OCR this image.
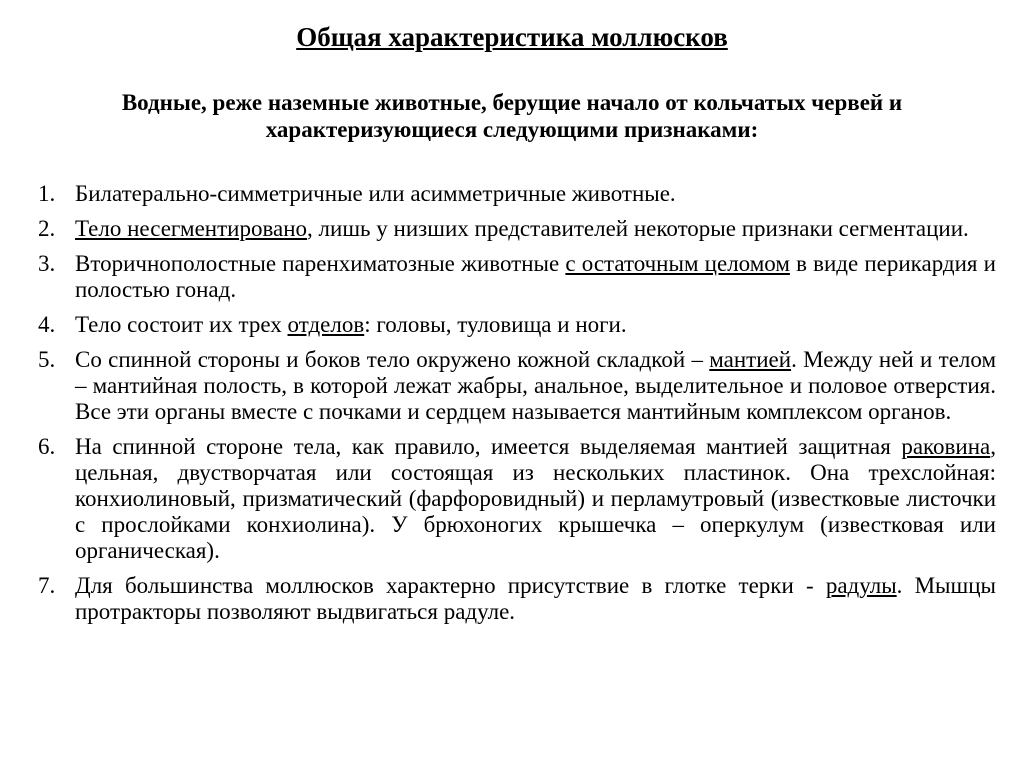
Общая характеристика моллюсков
Водные, реже наземные животные, берущие начало от кольчатых червей и характеризующиеся следующими признаками:
1. Билатерально-симметричные или асимметричные животные.
2. Тело несегментировано, лишь у низших представителей некоторые признаки сегментации.
3. Вторичнополостные паренхиматозные животные с остаточным целомом в виде перикардия и полостью гонад.
4. Тело состоит их трех отделов: головы, туловища и ноги.
5. Со спинной стороны и боков тело окружено кожной складкой – мантией. Между ней и телом – мантийная полость, в которой лежат жабры, анальное, выделительное и половое отверстия. Все эти органы вместе с почками и сердцем называется мантийным комплексом органов.
6. На спинной стороне тела, как правило, имеется выделяемая мантией защитная раковина, цельная, двустворчатая или состоящая из нескольких пластинок. Она трехслойная: конхиолиновый, призматический (фарфоровидный) и перламутровый (известковые листочки с прослойками конхиолина). У брюхоногих крышечка – оперкулум (известковая или органическая).
7. Для большинства моллюсков характерно присутствие в глотке терки - радулы. Мышцы протракторы позволяют выдвигаться радуле.
